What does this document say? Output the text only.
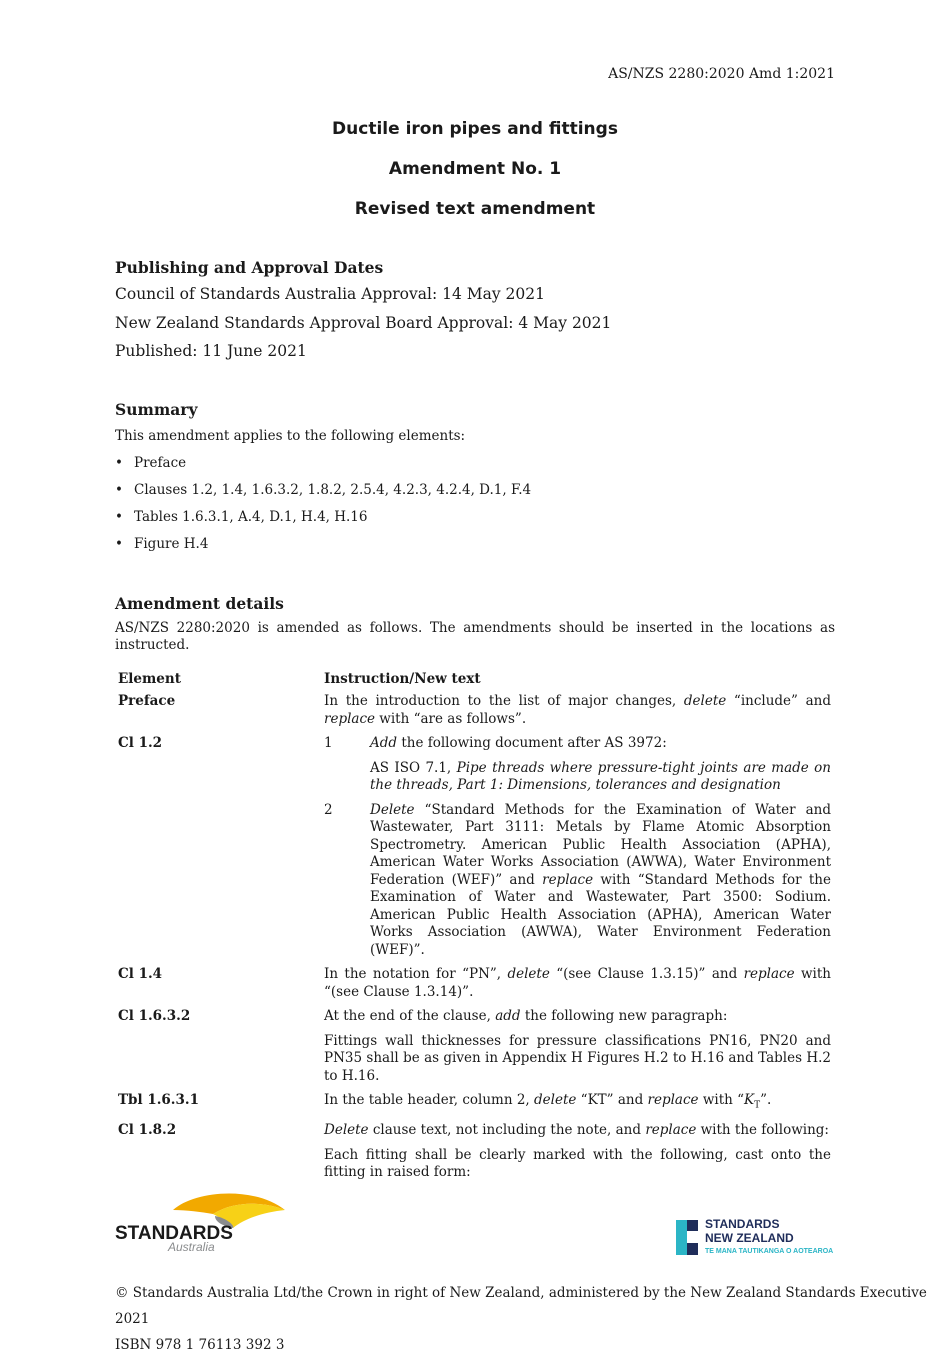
AS/NZS 2280:2020 Amd 1:2021
Ductile iron pipes and fittings
Amendment No. 1
Revised text amendment
Publishing and Approval Dates
Council of Standards Australia Approval: 14 May 2021
New Zealand Standards Approval Board Approval: 4 May 2021
Published: 11 June 2021
Summary
This amendment applies to the following elements:
• Preface
• Clauses 1.2, 1.4, 1.6.3.2, 1.8.2, 2.5.4, 4.2.3, 4.2.4, D.1, F.4
• Tables 1.6.3.1, A.4, D.1, H.4, H.16
• Figure H.4
Amendment details
AS/NZS 2280:2020 is amended as follows. The amendments should be inserted in the locations as instructed.
Element	Instruction/New text
Preface	In the introduction to the list of major changes, delete “include” and replace with “are as follows”.
Cl 1.2	1 Add the following document after AS 3972:
AS ISO 7.1, Pipe threads where pressure-tight joints are made on the threads, Part 1: Dimensions, tolerances and designation
2 Delete “Standard Methods for the Examination of Water and Wastewater, Part 3111: Metals by Flame Atomic Absorption Spectrometry. American Public Health Association (APHA), American Water Works Association (AWWA), Water Environment Federation (WEF)” and replace with “Standard Methods for the Examination of Water and Wastewater, Part 3500: Sodium. American Public Health Association (APHA), American Water Works Association (AWWA), Water Environment Federation (WEF)”.

Cl 1.4	In the notation for “PN”, delete “(see Clause 1.3.15)” and replace with “(see Clause 1.3.14)”.
Cl 1.6.3.2	At the end of the clause, add the following new paragraph:
Fittings wall thicknesses for pressure classifications PN16, PN20 and PN35 shall be as given in Appendix H Figures H.2 to H.16 and Tables H.2 to H.16.

Tbl 1.6.3.1	In the table header, column 2, delete “KT” and replace with “$K_T$”.
Cl 1.8.2	Delete clause text, not including the note, and replace with the following:
Each fitting shall be clearly marked with the following, cast onto the fitting in raised form:
STANDARDS
Australia
STANDARDS
NEW ZEALAND
TE MANA TAUTIKANGA O AOTEAROA
© Standards Australia Ltd/the Crown in right of New Zealand, administered by the New Zealand Standards Executive 2021
ISBN 978 1 76113 392 3
